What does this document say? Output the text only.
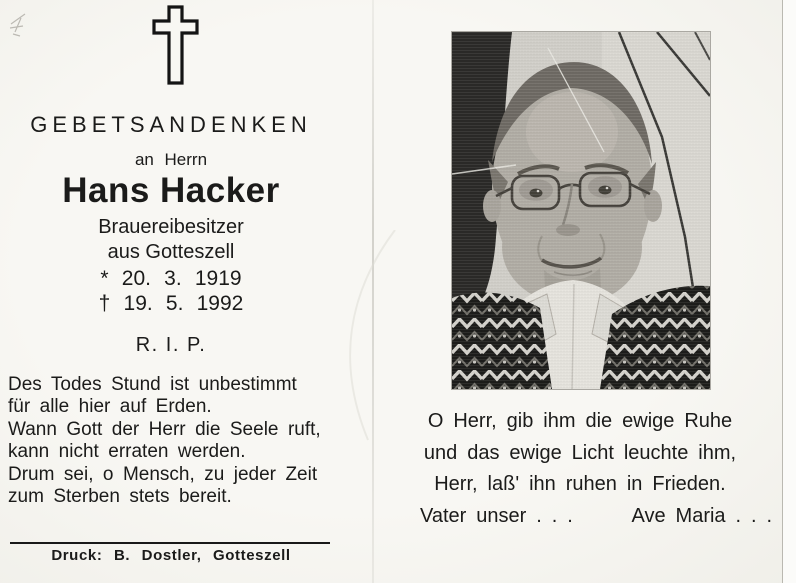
GEBETSANDENKEN
an Herrn
Hans Hacker
Brauereibesitzer
aus Gotteszell
* 20. 3. 1919
† 19. 5. 1992
R. I. P.
Des Todes Stund ist unbestimmt
für alle hier auf Erden.
Wann Gott der Herr die Seele ruft,
kann nicht erraten werden.
Drum sei, o Mensch, zu jeder Zeit
zum Sterben stets bereit.
Druck: B. Dostler, Gotteszell
O Herr, gib ihm die ewige Ruhe
und das ewige Licht leuchte ihm,
Herr, laß' ihn ruhen in Frieden.
Vater unser . . .      Ave Maria . . .
